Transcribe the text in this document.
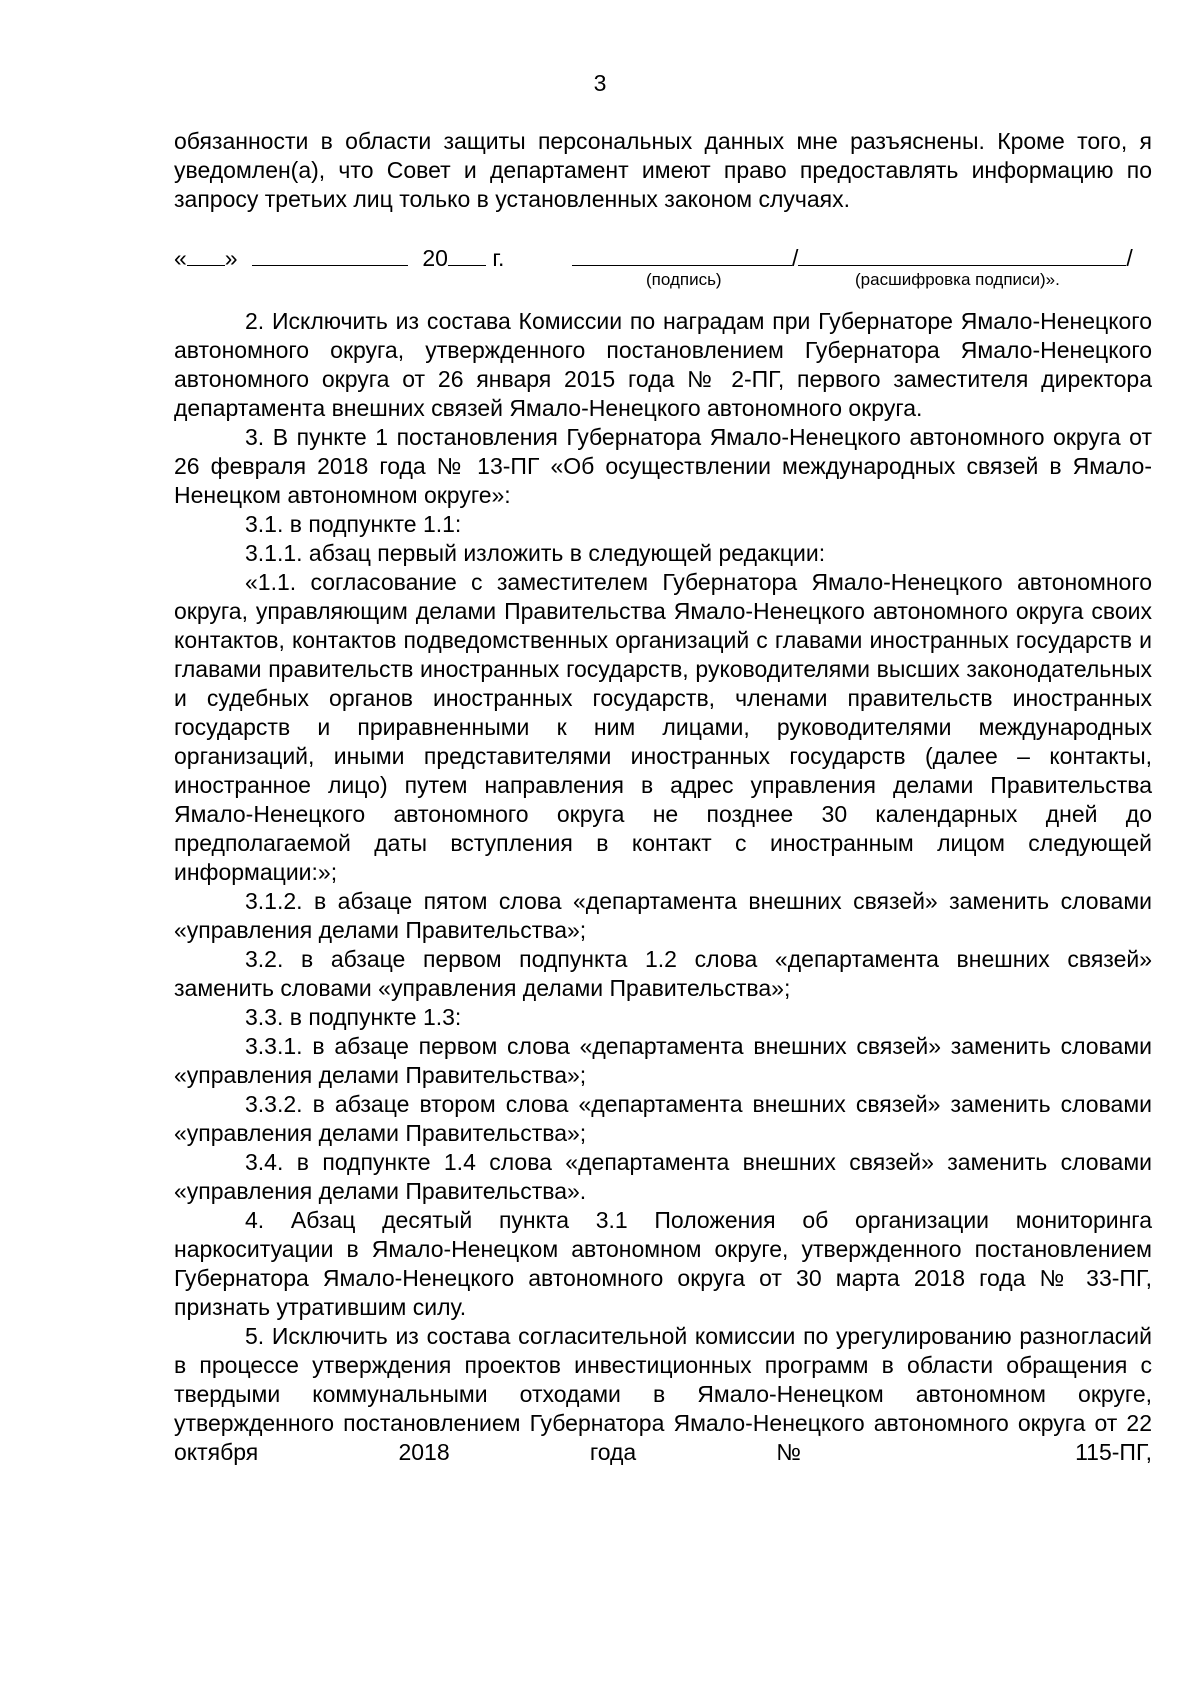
3

обязанности в области защиты персональных данных мне разъяснены. Кроме того, я уведомлен(а), что Совет и департамент имеют право предоставлять информацию по запросу третьих лиц только в установленных законом случаях.

« »	20 г.	/	/
(подпись)	(расшифровка подписи)».

2. Исключить из состава Комиссии по наградам при Губернаторе Ямало-Ненецкого автономного округа, утвержденного постановлением Губернатора Ямало-Ненецкого автономного округа от 26 января 2015 года № 2-ПГ, первого заместителя директора департамента внешних связей Ямало-Ненецкого автономного округа.

3. В пункте 1 постановления Губернатора Ямало-Ненецкого автономного округа от 26 февраля 2018 года № 13-ПГ «Об осуществлении международных связей в Ямало-Ненецком автономном округе»:

3.1. в подпункте 1.1:

3.1.1. абзац первый изложить в следующей редакции:

«1.1. согласование с заместителем Губернатора Ямало-Ненецкого автономного округа, управляющим делами Правительства Ямало-Ненецкого автономного округа своих контактов, контактов подведомственных организаций с главами иностранных государств и главами правительств иностранных государств, руководителями высших законодательных и судебных органов иностранных государств, членами правительств иностранных государств и приравненными к ним лицами, руководителями международных организаций, иными представителями иностранных государств (далее – контакты, иностранное лицо) путем направления в адрес управления делами Правительства Ямало-Ненецкого автономного округа не позднее 30 календарных дней до предполагаемой даты вступления в контакт с иностранным лицом следующей информации:»;

3.1.2. в абзаце пятом слова «департамента внешних связей» заменить словами «управления делами Правительства»;

3.2. в абзаце первом подпункта 1.2 слова «департамента внешних связей» заменить словами «управления делами Правительства»;

3.3. в подпункте 1.3:

3.3.1. в абзаце первом слова «департамента внешних связей» заменить словами «управления делами Правительства»;

3.3.2. в абзаце втором слова «департамента внешних связей» заменить словами «управления делами Правительства»;

3.4. в подпункте 1.4 слова «департамента внешних связей» заменить словами «управления делами Правительства».

4. Абзац десятый пункта 3.1 Положения об организации мониторинга наркоситуации в Ямало-Ненецком автономном округе, утвержденного постановлением Губернатора Ямало-Ненецкого автономного округа от 30 марта 2018 года № 33-ПГ, признать утратившим силу.

5. Исключить из состава согласительной комиссии по урегулированию разногласий в процессе утверждения проектов инвестиционных программ в области обращения с твердыми коммунальными отходами в Ямало-Ненецком автономном округе, утвержденного постановлением Губернатора Ямало-Ненецкого автономного округа от 22 октября 2018 года № 115-ПГ,
